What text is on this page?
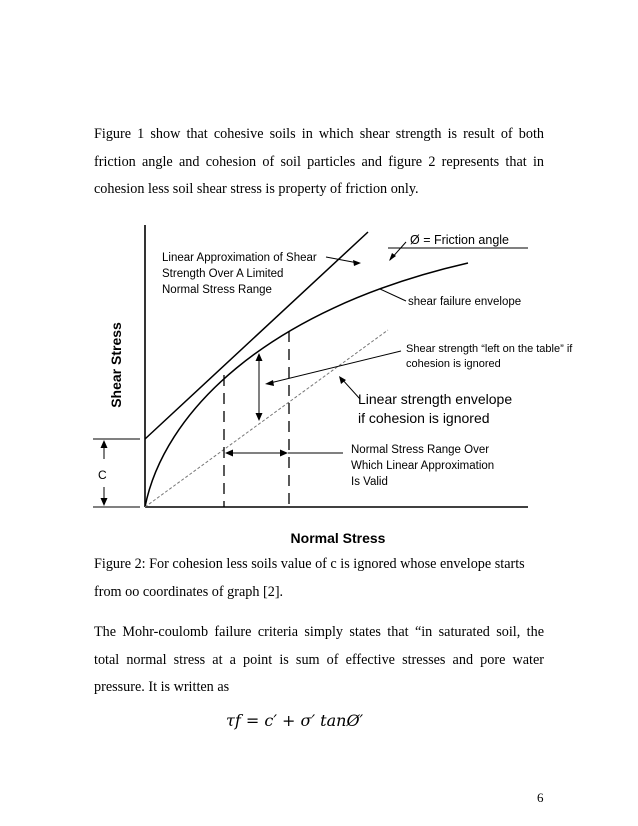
Figure 1 show that cohesive soils in which shear strength is result of both friction angle and cohesion of soil particles and figure 2 represents that in cohesion less soil shear stress is property of friction only.

Shear Stress
Normal Stress
C
Ø = Friction angle
Linear Approximation of Shear Strength Over A Limited Normal Stress Range
shear failure envelope
Shear strength “left on the table” if cohesion is ignored
Linear strength envelope if cohesion is ignored
Normal Stress Range Over Which Linear Approximation Is Valid

Figure 2: For cohesion less soils value of c is ignored whose envelope starts from oo coordinates of graph [2].

The Mohr-coulomb failure criteria simply states that “in saturated soil, the total normal stress at a point is sum of effective stresses and pore water pressure. It is written as

τf = c′ + σ′ tanØ′
6
